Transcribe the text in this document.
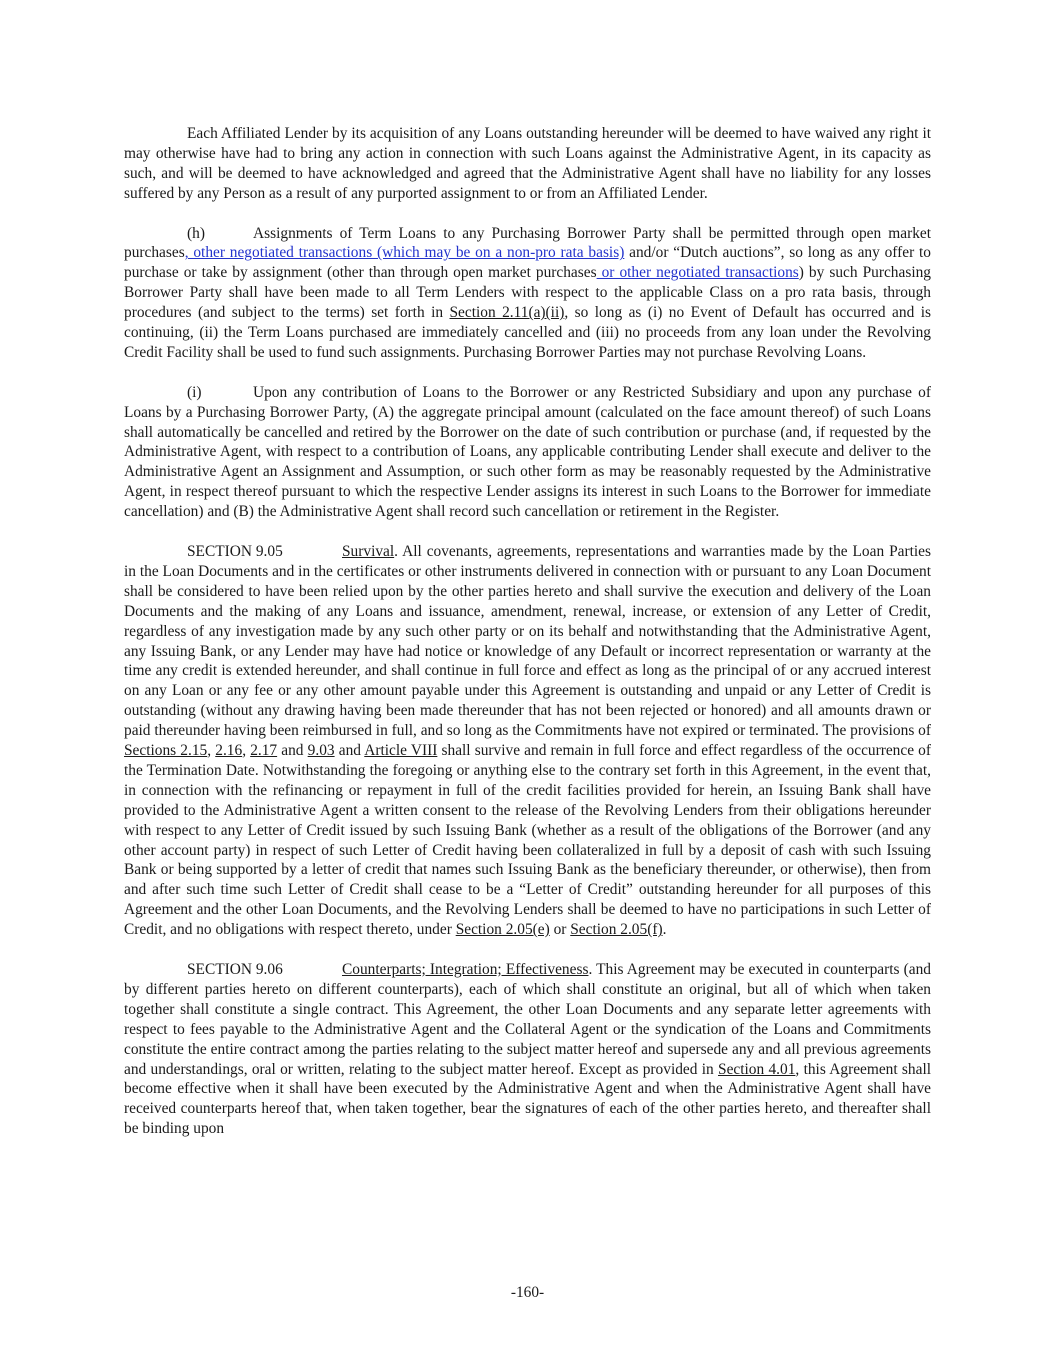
Each Affiliated Lender by its acquisition of any Loans outstanding hereunder will be deemed to have waived any right it may otherwise have had to bring any action in connection with such Loans against the Administrative Agent, in its capacity as such, and will be deemed to have acknowledged and agreed that the Administrative Agent shall have no liability for any losses suffered by any Person as a result of any purported assignment to or from an Affiliated Lender.

(h)	Assignments of Term Loans to any Purchasing Borrower Party shall be permitted through open market purchases, other negotiated transactions (which may be on a non-pro rata basis) and/or “Dutch auctions”, so long as any offer to purchase or take by assignment (other than through open market purchases or other negotiated transactions) by such Purchasing Borrower Party shall have been made to all Term Lenders with respect to the applicable Class on a pro rata basis, through procedures (and subject to the terms) set forth in Section 2.11(a)(ii), so long as (i) no Event of Default has occurred and is continuing, (ii) the Term Loans purchased are immediately cancelled and (iii) no proceeds from any loan under the Revolving Credit Facility shall be used to fund such assignments. Purchasing Borrower Parties may not purchase Revolving Loans.

(i)	Upon any contribution of Loans to the Borrower or any Restricted Subsidiary and upon any purchase of Loans by a Purchasing Borrower Party, (A) the aggregate principal amount (calculated on the face amount thereof) of such Loans shall automatically be cancelled and retired by the Borrower on the date of such contribution or purchase (and, if requested by the Administrative Agent, with respect to a contribution of Loans, any applicable contributing Lender shall execute and deliver to the Administrative Agent an Assignment and Assumption, or such other form as may be reasonably requested by the Administrative Agent, in respect thereof pursuant to which the respective Lender assigns its interest in such Loans to the Borrower for immediate cancellation) and (B) the Administrative Agent shall record such cancellation or retirement in the Register.

SECTION 9.05	Survival. All covenants, agreements, representations and warranties made by the Loan Parties in the Loan Documents and in the certificates or other instruments delivered in connection with or pursuant to any Loan Document shall be considered to have been relied upon by the other parties hereto and shall survive the execution and delivery of the Loan Documents and the making of any Loans and issuance, amendment, renewal, increase, or extension of any Letter of Credit, regardless of any investigation made by any such other party or on its behalf and notwithstanding that the Administrative Agent, any Issuing Bank, or any Lender may have had notice or knowledge of any Default or incorrect representation or warranty at the time any credit is extended hereunder, and shall continue in full force and effect as long as the principal of or any accrued interest on any Loan or any fee or any other amount payable under this Agreement is outstanding and unpaid or any Letter of Credit is outstanding (without any drawing having been made thereunder that has not been rejected or honored) and all amounts drawn or paid thereunder having been reimbursed in full, and so long as the Commitments have not expired or terminated. The provisions of Sections 2.15, 2.16, 2.17 and 9.03 and Article VIII shall survive and remain in full force and effect regardless of the occurrence of the Termination Date. Notwithstanding the foregoing or anything else to the contrary set forth in this Agreement, in the event that, in connection with the refinancing or repayment in full of the credit facilities provided for herein, an Issuing Bank shall have provided to the Administrative Agent a written consent to the release of the Revolving Lenders from their obligations hereunder with respect to any Letter of Credit issued by such Issuing Bank (whether as a result of the obligations of the Borrower (and any other account party) in respect of such Letter of Credit having been collateralized in full by a deposit of cash with such Issuing Bank or being supported by a letter of credit that names such Issuing Bank as the beneficiary thereunder, or otherwise), then from and after such time such Letter of Credit shall cease to be a “Letter of Credit” outstanding hereunder for all purposes of this Agreement and the other Loan Documents, and the Revolving Lenders shall be deemed to have no participations in such Letter of Credit, and no obligations with respect thereto, under Section 2.05(e) or Section 2.05(f).

SECTION 9.06	Counterparts; Integration; Effectiveness. This Agreement may be executed in counterparts (and by different parties hereto on different counterparts), each of which shall constitute an original, but all of which when taken together shall constitute a single contract. This Agreement, the other Loan Documents and any separate letter agreements with respect to fees payable to the Administrative Agent and the Collateral Agent or the syndication of the Loans and Commitments constitute the entire contract among the parties relating to the subject matter hereof and supersede any and all previous agreements and understandings, oral or written, relating to the subject matter hereof. Except as provided in Section 4.01, this Agreement shall become effective when it shall have been executed by the Administrative Agent and when the Administrative Agent shall have received counterparts hereof that, when taken together, bear the signatures of each of the other parties hereto, and thereafter shall be binding upon

-160-
